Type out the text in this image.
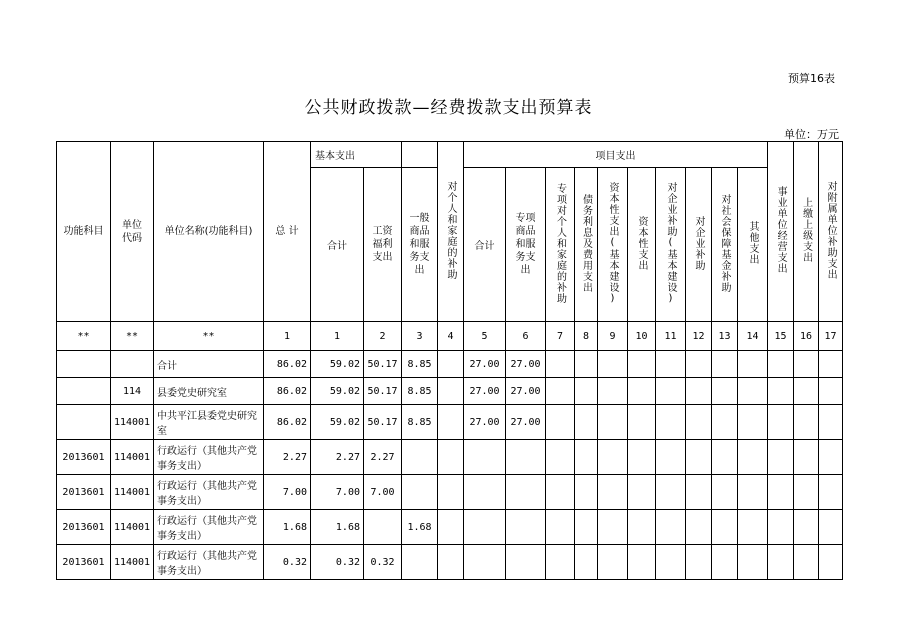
预算16表
公共财政拨款—经费拨款支出预算表
单位：万元
功能科目	单位代码	单位名称(功能科目)	总 计	基本支出			对个人和家庭的补助	项目支出										事业单位经营支出	上缴上级支出	对附属单位补助支出
				合计	工资福利支出	一般商品和服务支出		合计	专项商品和服务支出	专项对个人和家庭的补助	债务利息及费用支出	资本性支出(基本建设)	资本性支出	对企业补助(基本建设)	对企业补助	对社会保障基金补助	其他支出			
**	**	**	1	1	2	3	4	5	6	7	8	9	10	11	12	13	14	15	16	17
		合计	86.02	59.02	50.17	8.85		27.00	27.00											
	114	县委党史研究室	86.02	59.02	50.17	8.85		27.00	27.00											
	114001	中共平江县委党史研究室	86.02	59.02	50.17	8.85		27.00	27.00											
2013601	114001	行政运行（其他共产党事务支出）	2.27	2.27	2.27															
2013601	114001	行政运行（其他共产党事务支出）	7.00	7.00	7.00															
2013601	114001	行政运行（其他共产党事务支出）	1.68	1.68		1.68														
2013601	114001	行政运行（其他共产党事务支出）	0.32	0.32	0.32															
